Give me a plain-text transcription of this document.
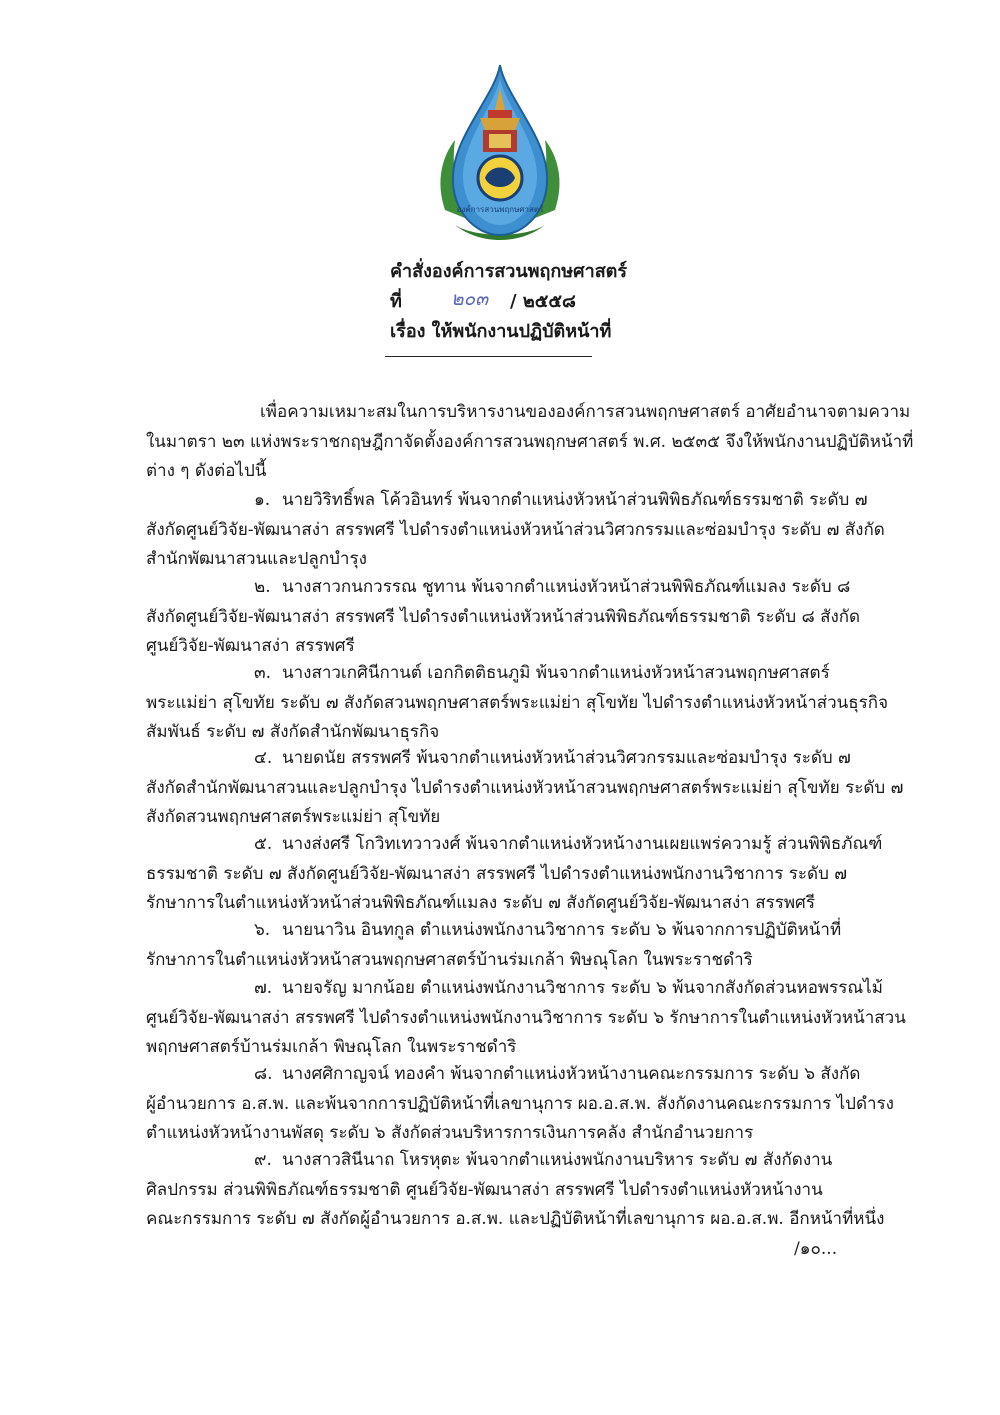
องค์การสวนพฤกษศาสตร์
คำสั่งองค์การสวนพฤกษศาสตร์
ที่	๒๐๓ / ๒๕๕๘
เรื่อง ให้พนักงานปฏิบัติหน้าที่
เพื่อความเหมาะสมในการบริหารงานขององค์การสวนพฤกษศาสตร์ อาศัยอำนาจตามความ
ในมาตรา ๒๓ แห่งพระราชกฤษฎีกาจัดตั้งองค์การสวนพฤกษศาสตร์ พ.ศ. ๒๕๓๕ จึงให้พนักงานปฏิบัติหน้าที่
ต่าง ๆ ดังต่อไปนี้
๑. นายวิริทธิ์พล โค้วอินทร์ พ้นจากตำแหน่งหัวหน้าส่วนพิพิธภัณฑ์ธรรมชาติ ระดับ ๗
สังกัดศูนย์วิจัย-พัฒนาสง่า สรรพศรี ไปดำรงตำแหน่งหัวหน้าส่วนวิศวกรรมและซ่อมบำรุง ระดับ ๗ สังกัด
สำนักพัฒนาสวนและปลูกบำรุง
๒. นางสาวกนกวรรณ ชูทาน พ้นจากตำแหน่งหัวหน้าส่วนพิพิธภัณฑ์แมลง ระดับ ๘
สังกัดศูนย์วิจัย-พัฒนาสง่า สรรพศรี ไปดำรงตำแหน่งหัวหน้าส่วนพิพิธภัณฑ์ธรรมชาติ ระดับ ๘ สังกัด
ศูนย์วิจัย-พัฒนาสง่า สรรพศรี
๓. นางสาวเกศินีกานต์ เอกกิตติธนภูมิ พ้นจากตำแหน่งหัวหน้าสวนพฤกษศาสตร์
พระแม่ย่า สุโขทัย ระดับ ๗ สังกัดสวนพฤกษศาสตร์พระแม่ย่า สุโขทัย ไปดำรงตำแหน่งหัวหน้าส่วนธุรกิจ
สัมพันธ์ ระดับ ๗ สังกัดสำนักพัฒนาธุรกิจ
๔. นายดนัย สรรพศรี พ้นจากตำแหน่งหัวหน้าส่วนวิศวกรรมและซ่อมบำรุง ระดับ ๗
สังกัดสำนักพัฒนาสวนและปลูกบำรุง ไปดำรงตำแหน่งหัวหน้าสวนพฤกษศาสตร์พระแม่ย่า สุโขทัย ระดับ ๗
สังกัดสวนพฤกษศาสตร์พระแม่ย่า สุโขทัย
๕. นางส่งศรี โกวิทเทวาวงศ์ พ้นจากตำแหน่งหัวหน้างานเผยแพร่ความรู้ ส่วนพิพิธภัณฑ์
ธรรมชาติ ระดับ ๗ สังกัดศูนย์วิจัย-พัฒนาสง่า สรรพศรี ไปดำรงตำแหน่งพนักงานวิชาการ ระดับ ๗
รักษาการในตำแหน่งหัวหน้าส่วนพิพิธภัณฑ์แมลง ระดับ ๗ สังกัดศูนย์วิจัย-พัฒนาสง่า สรรพศรี
๖. นายนาวิน อินทกูล ตำแหน่งพนักงานวิชาการ ระดับ ๖ พ้นจากการปฏิบัติหน้าที่
รักษาการในตำแหน่งหัวหน้าสวนพฤกษศาสตร์บ้านร่มเกล้า พิษณุโลก ในพระราชดำริ
๗. นายจรัญ มากน้อย ตำแหน่งพนักงานวิชาการ ระดับ ๖ พ้นจากสังกัดส่วนหอพรรณไม้
ศูนย์วิจัย-พัฒนาสง่า สรรพศรี ไปดำรงตำแหน่งพนักงานวิชาการ ระดับ ๖ รักษาการในตำแหน่งหัวหน้าสวน
พฤกษศาสตร์บ้านร่มเกล้า พิษณุโลก ในพระราชดำริ
๘. นางศศิกาญจน์ ทองคำ พ้นจากตำแหน่งหัวหน้างานคณะกรรมการ ระดับ ๖ สังกัด
ผู้อำนวยการ อ.ส.พ. และพ้นจากการปฏิบัติหน้าที่เลขานุการ ผอ.อ.ส.พ. สังกัดงานคณะกรรมการ ไปดำรง
ตำแหน่งหัวหน้างานพัสดุ ระดับ ๖ สังกัดส่วนบริหารการเงินการคลัง สำนักอำนวยการ
๙. นางสาวสินีนาถ โหรหุตะ พ้นจากตำแหน่งพนักงานบริหาร ระดับ ๗ สังกัดงาน
ศิลปกรรม ส่วนพิพิธภัณฑ์ธรรมชาติ ศูนย์วิจัย-พัฒนาสง่า สรรพศรี ไปดำรงตำแหน่งหัวหน้างาน
คณะกรรมการ ระดับ ๗ สังกัดผู้อำนวยการ อ.ส.พ. และปฏิบัติหน้าที่เลขานุการ ผอ.อ.ส.พ. อีกหน้าที่หนึ่ง
/๑๐...
